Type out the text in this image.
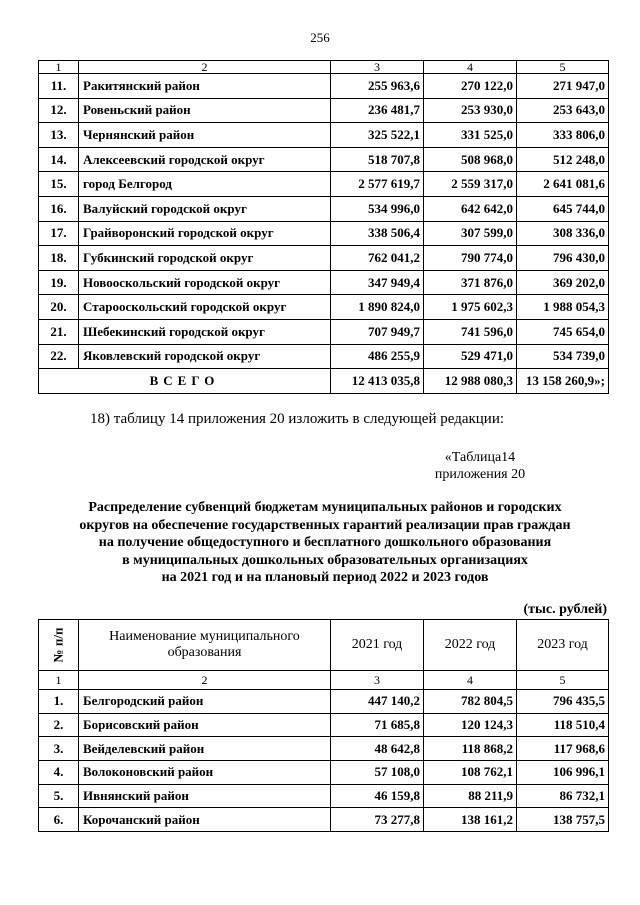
256
1	2	3	4	5
11.	Ракитянский район	255 963,6	270 122,0	271 947,0
12.	Ровеньский район	236 481,7	253 930,0	253 643,0
13.	Чернянский район	325 522,1	331 525,0	333 806,0
14.	Алексеевский городской округ	518 707,8	508 968,0	512 248,0
15.	город Белгород	2 577 619,7	2 559 317,0	2 641 081,6
16.	Валуйский городской округ	534 996,0	642 642,0	645 744,0
17.	Грайворонский городской округ	338 506,4	307 599,0	308 336,0
18.	Губкинский городской округ	762 041,2	790 774,0	796 430,0
19.	Новооскольский городской округ	347 949,4	371 876,0	369 202,0
20.	Старооскольский городской округ	1 890 824,0	1 975 602,3	1 988 054,3
21.	Шебекинский городской округ	707 949,7	741 596,0	745 654,0
22.	Яковлевский городской округ	486 255,9	529 471,0	534 739,0
ВСЕГО		12 413 035,8	12 988 080,3	13 158 260,9»;
18) таблицу 14 приложения 20 изложить в следующей редакции:
«Таблица14
приложения 20
Распределение субвенций бюджетам муниципальных районов и городских
округов на обеспечение государственных гарантий реализации прав граждан
на получение общедоступного и бесплатного дошкольного образования
в муниципальных дошкольных образовательных организациях
на 2021 год и на плановый период 2022 и 2023 годов
(тыс. рублей)
№ п/п	Наименование муниципального образования	2021 год	2022 год	2023 год
1	2	3	4	5
1.	Белгородский район	447 140,2	782 804,5	796 435,5
2.	Борисовский район	71 685,8	120 124,3	118 510,4
3.	Вейделевский район	48 642,8	118 868,2	117 968,6
4.	Волоконовский район	57 108,0	108 762,1	106 996,1
5.	Ивнянский район	46 159,8	88 211,9	86 732,1
6.	Корочанский район	73 277,8	138 161,2	138 757,5
